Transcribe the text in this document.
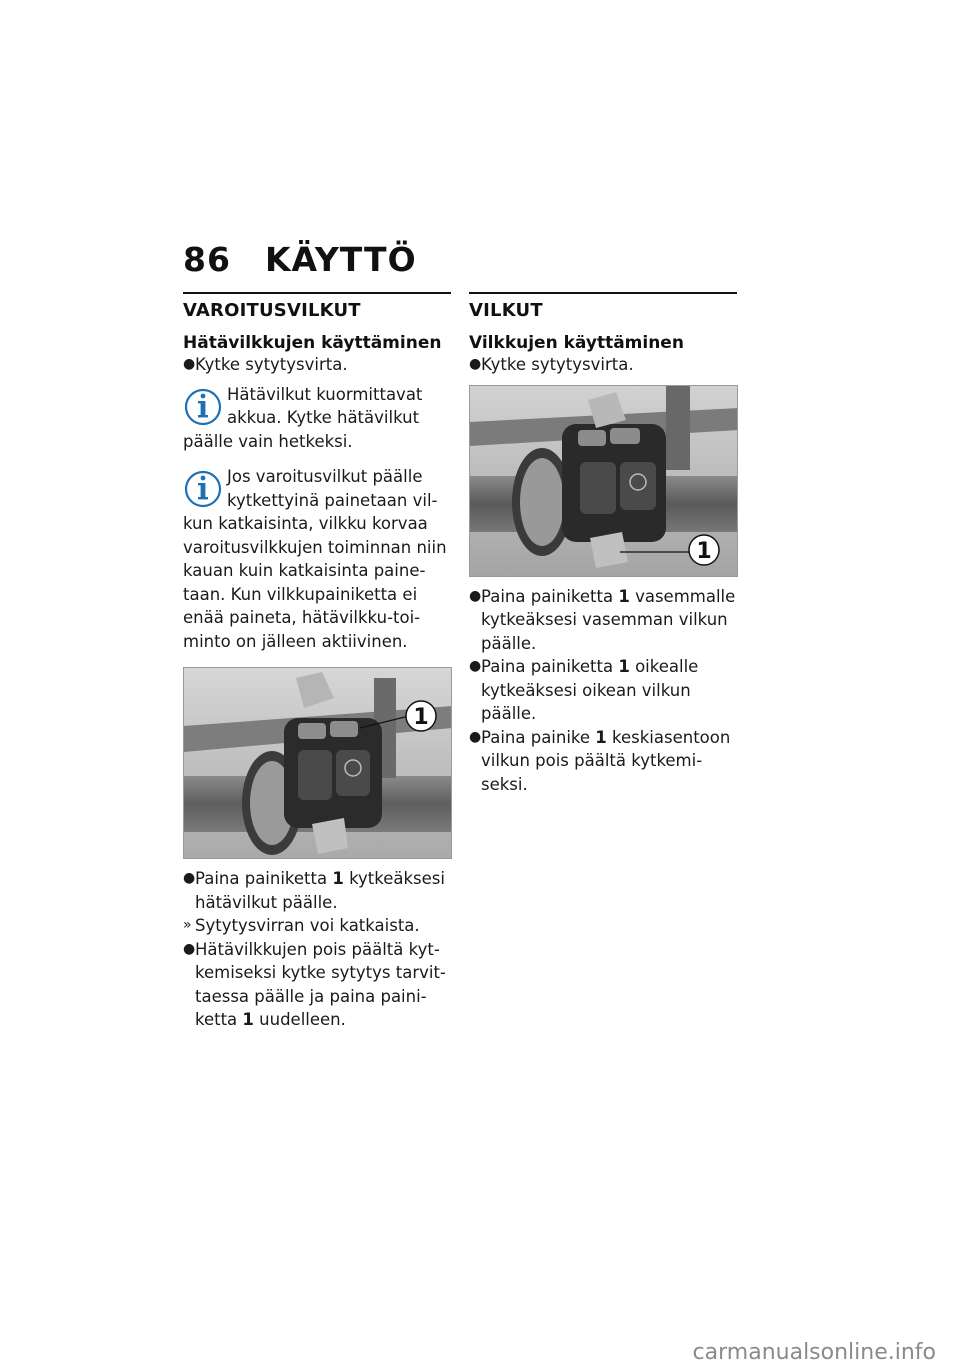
86 KÄYTTÖ
VAROITUSVILKUT
Hätävilkkujen käyttäminen
● Kytke sytytysvirta.
Hätävilkut kuormittavat akkua. Kytke hätävilkut päälle vain hetkeksi.
Jos varoitusvilkut päälle kytkettyinä painetaan vil-kun katkaisinta, vilkku korvaa varoitusvilkkujen toiminnan niin kauan kuin katkaisinta paine-taan. Kun vilkkupainiketta ei enää paineta, hätävilkku-toi-minto on jälleen aktiivinen.
1
● Paina painiketta 1 kytkeäksesi hätävilkut päälle.
» Sytytysvirran voi katkaista.
● Hätävilkkujen pois päältä kyt-kemiseksi kytke sytytys tarvit-taessa päälle ja paina paini-ketta 1 uudelleen.
VILKUT
Vilkkujen käyttäminen
● Kytke sytytysvirta.
1
● Paina painiketta 1 vasemmalle kytkeäksesi vasemman vilkun päälle.
● Paina painiketta 1 oikealle kytkeäksesi oikean vilkun päälle.
● Paina painike 1 keskiasentoon vilkun pois päältä kytkemi-seksi.
carmanualsonline.info
